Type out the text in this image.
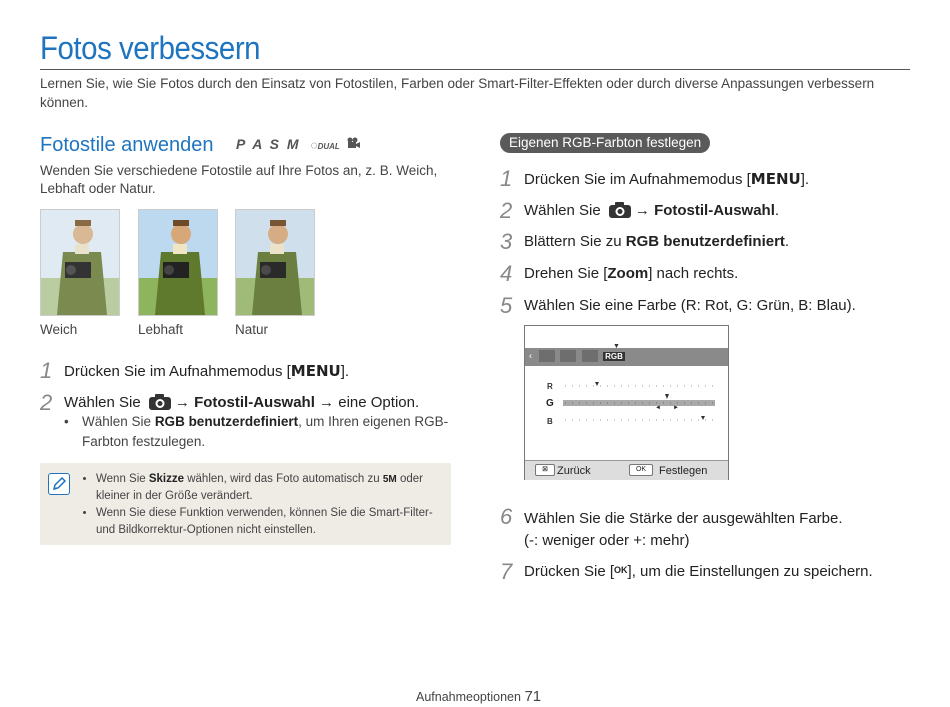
Fotos verbessern
Lernen Sie, wie Sie Fotos durch den Einsatz von Fotostilen, Farben oder Smart-Filter-Effekten oder durch diverse Anpassungen verbessern können.
Fotostile anwenden P A S M ◌DUAL
Wenden Sie verschiedene Fotostile auf Ihre Fotos an, z. B. Weich, Lebhaft oder Natur.
Weich	Lebhaft	Natur
1 Drücken Sie im Aufnahmemodus [MENU].
2 Wählen Sie → Fotostil-Auswahl → eine Option.
• Wählen Sie RGB benutzerdefiniert, um Ihren eigenen RGB-Farbton festzulegen.
• Wenn Sie Skizze wählen, wird das Foto automatisch zu 5M oder kleiner in der Größe verändert.
• Wenn Sie diese Funktion verwenden, können Sie die Smart-Filter- und Bildkorrektur-Optionen nicht einstellen.
Eigenen RGB-Farbton festlegen
1 Drücken Sie im Aufnahmemodus [MENU].
2 Wählen Sie → Fotostil-Auswahl.
3 Blättern Sie zu RGB benutzerdefiniert.
4 Drehen Sie [Zoom] nach rechts.
5 Wählen Sie eine Farbe (R: Rot, G: Grün, B: Blau).
▼
‹	RGB
R
G
B
◄ ►
⊠ Zurück	OK	Festlegen
6 Wählen Sie die Stärke der ausgewählten Farbe.
(-: weniger oder +: mehr)
7 Drücken Sie [$^{OK}$], um die Einstellungen zu speichern.
Aufnahmeoptionen 71
